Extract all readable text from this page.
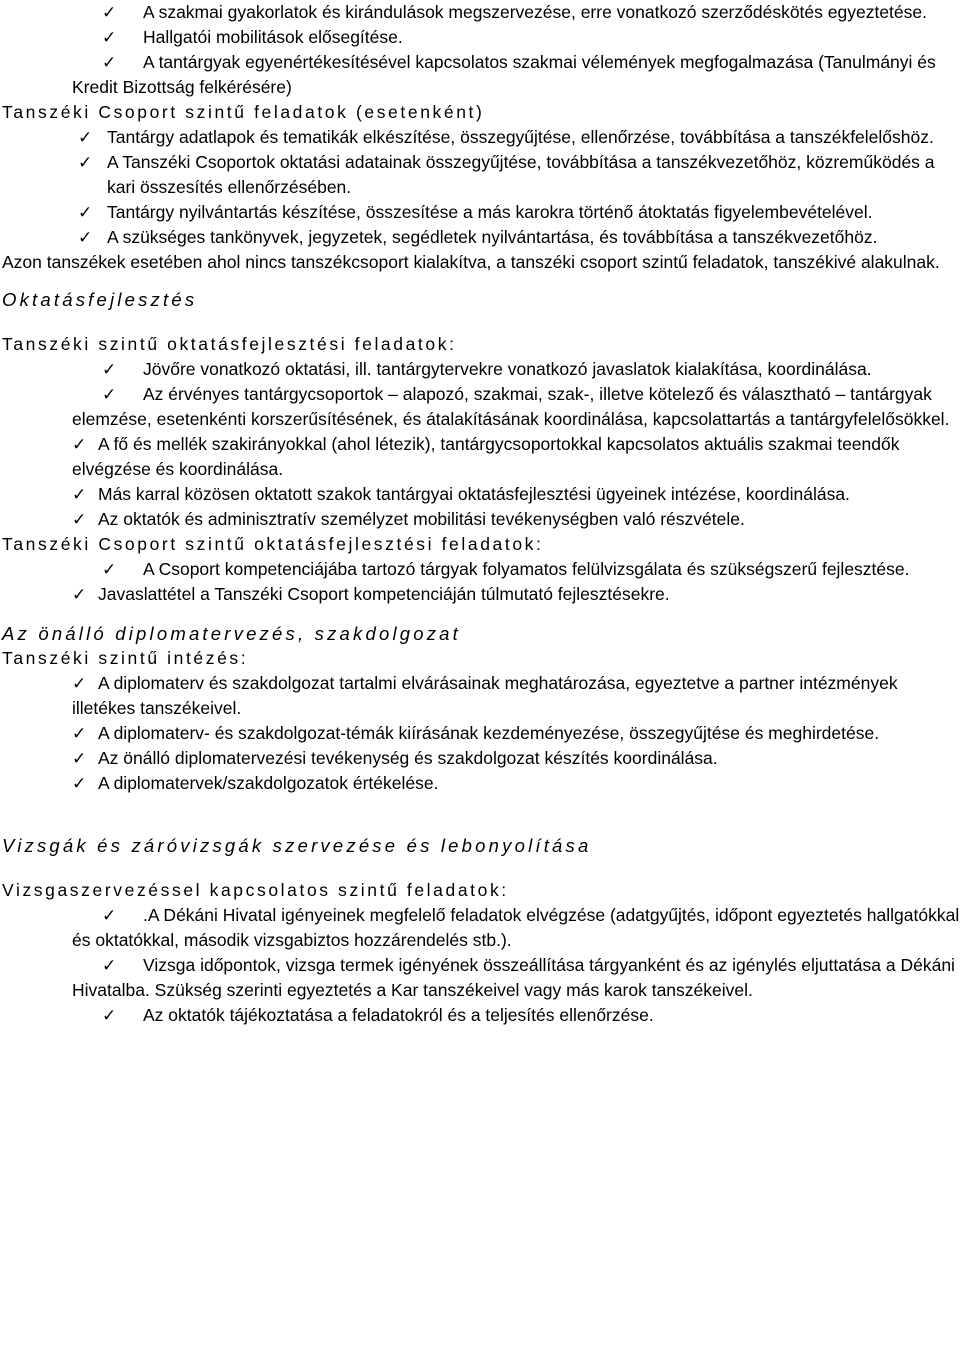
✓ A szakmai gyakorlatok és kirándulások megszervezése, erre vonatkozó szerződéskötés egyeztetése.
✓ Hallgatói mobilitások elősegítése.
✓ A tantárgyak egyenértékesítésével kapcsolatos szakmai vélemények megfogalmazása (Tanulmányi és Kredit Bizottság felkérésére)
Tanszéki Csoport szintű feladatok (esetenként)
✓ Tantárgy adatlapok és tematikák elkészítése, összegyűjtése, ellenőrzése, továbbítása a tanszékfelelőshöz.
✓ A Tanszéki Csoportok oktatási adatainak összegyűjtése, továbbítása a tanszékvezetőhöz, közreműködés a kari összesítés ellenőrzésében.
✓ Tantárgy nyilvántartás készítése, összesítése a más karokra történő átoktatás figyelembevételével.
✓ A szükséges tankönyvek, jegyzetek, segédletek nyilvántartása, és továbbítása a tanszékvezetőhöz.

Azon tanszékek esetében ahol nincs tanszékcsoport kialakítva, a tanszéki csoport szintű feladatok, tanszékivé alakulnak.

Oktatásfejlesztés
Tanszéki szintű oktatásfejlesztési feladatok:
✓ Jövőre vonatkozó oktatási, ill. tantárgytervekre vonatkozó javaslatok kialakítása, koordinálása.
✓ Az érvényes tantárgycsoportok – alapozó, szakmai, szak-, illetve kötelező és választható – tantárgyak elemzése, esetenkénti korszerűsítésének, és átalakításának koordinálása, kapcsolattartás a tantárgyfelelősökkel.
✓ A fő és mellék szakirányokkal (ahol létezik), tantárgycsoportokkal kapcsolatos aktuális szakmai teendők elvégzése és koordinálása.
✓ Más karral közösen oktatott szakok tantárgyai oktatásfejlesztési ügyeinek intézése, koordinálása.
✓ Az oktatók és adminisztratív személyzet mobilitási tevékenységben való részvétele.
Tanszéki Csoport szintű oktatásfejlesztési feladatok:
✓ A Csoport kompetenciájába tartozó tárgyak folyamatos felülvizsgálata és szükségszerű fejlesztése.
✓ Javaslattétel a Tanszéki Csoport kompetenciáján túlmutató fejlesztésekre.
Az önálló diplomatervezés, szakdolgozat
Tanszéki szintű intézés:
✓ A diplomaterv és szakdolgozat tartalmi elvárásainak meghatározása, egyeztetve a partner intézmények illetékes tanszékeivel.
✓ A diplomaterv- és szakdolgozat-témák kiírásának kezdeményezése, összegyűjtése és meghirdetése.
✓ Az önálló diplomatervezési tevékenység és szakdolgozat készítés koordinálása.
✓ A diplomatervek/szakdolgozatok értékelése.
Vizsgák és záróvizsgák szervezése és lebonyolítása
Vizsgaszervezéssel kapcsolatos szintű feladatok:
✓ .A Dékáni Hivatal igényeinek megfelelő feladatok elvégzése (adatgyűjtés, időpont egyeztetés hallgatókkal és oktatókkal, második vizsgabiztos hozzárendelés stb.).
✓ Vizsga időpontok, vizsga termek igényének összeállítása tárgyanként és az igénylés eljuttatása a Dékáni Hivatalba. Szükség szerinti egyeztetés a Kar tanszékeivel vagy más karok tanszékeivel.
✓ Az oktatók tájékoztatása a feladatokról és a teljesítés ellenőrzése.
